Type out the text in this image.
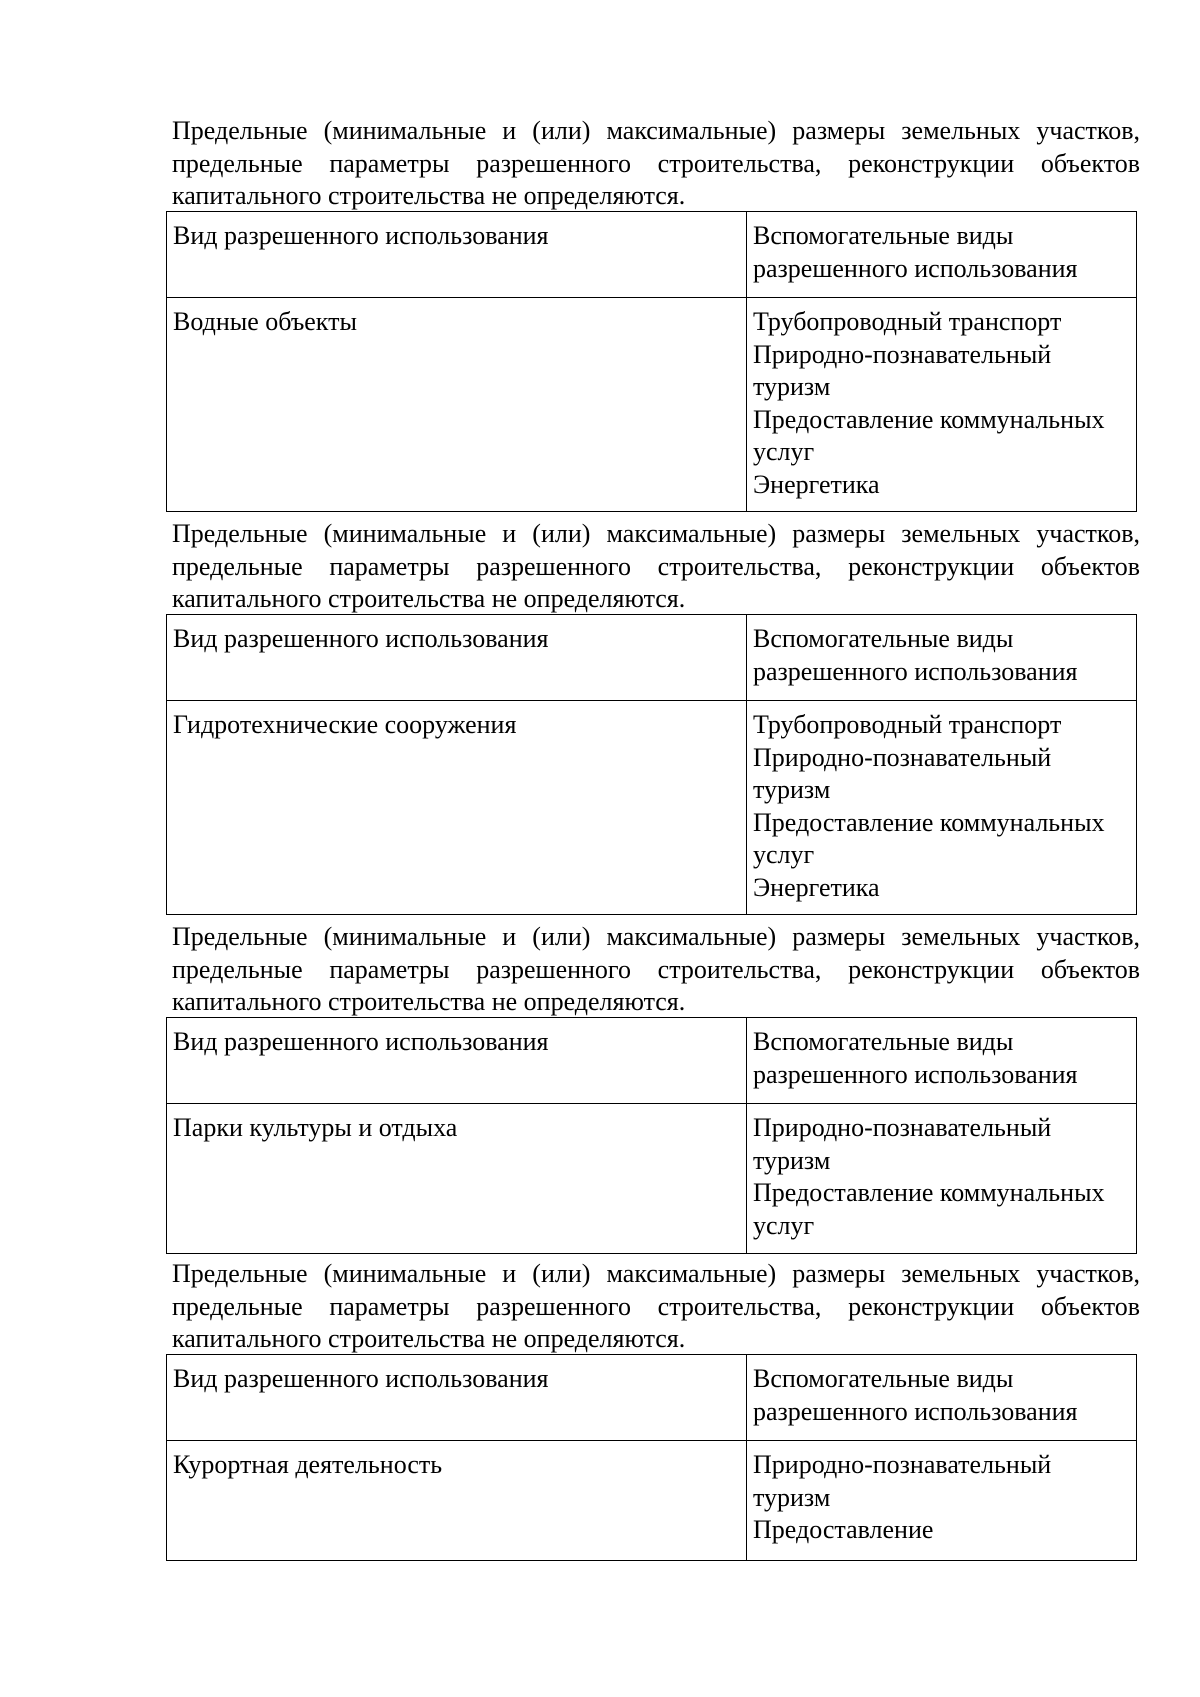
Предельные (минимальные и (или) максимальные) размеры земельных участков, предельные параметры разрешенного строительства, реконструкции объектов капитального строительства не определяются.

Вид разрешенного использования	Вспомогательные виды разрешенного использования
Водные объекты	Трубопроводный транспорт
Природно-познавательный туризм
Предоставление коммунальных услуг
Энергетика

Предельные (минимальные и (или) максимальные) размеры земельных участков, предельные параметры разрешенного строительства, реконструкции объектов капитального строительства не определяются.

Вид разрешенного использования	Вспомогательные виды разрешенного использования
Гидротехнические сооружения	Трубопроводный транспорт
Природно-познавательный туризм
Предоставление коммунальных услуг
Энергетика

Предельные (минимальные и (или) максимальные) размеры земельных участков, предельные параметры разрешенного строительства, реконструкции объектов капитального строительства не определяются.

Вид разрешенного использования	Вспомогательные виды разрешенного использования
Парки культуры и отдыха	Природно-познавательный туризм
Предоставление коммунальных услуг

Предельные (минимальные и (или) максимальные) размеры земельных участков, предельные параметры разрешенного строительства, реконструкции объектов капитального строительства не определяются.

Вид разрешенного использования	Вспомогательные виды разрешенного использования
Курортная деятельность	Природно-познавательный туризм
Предоставление
